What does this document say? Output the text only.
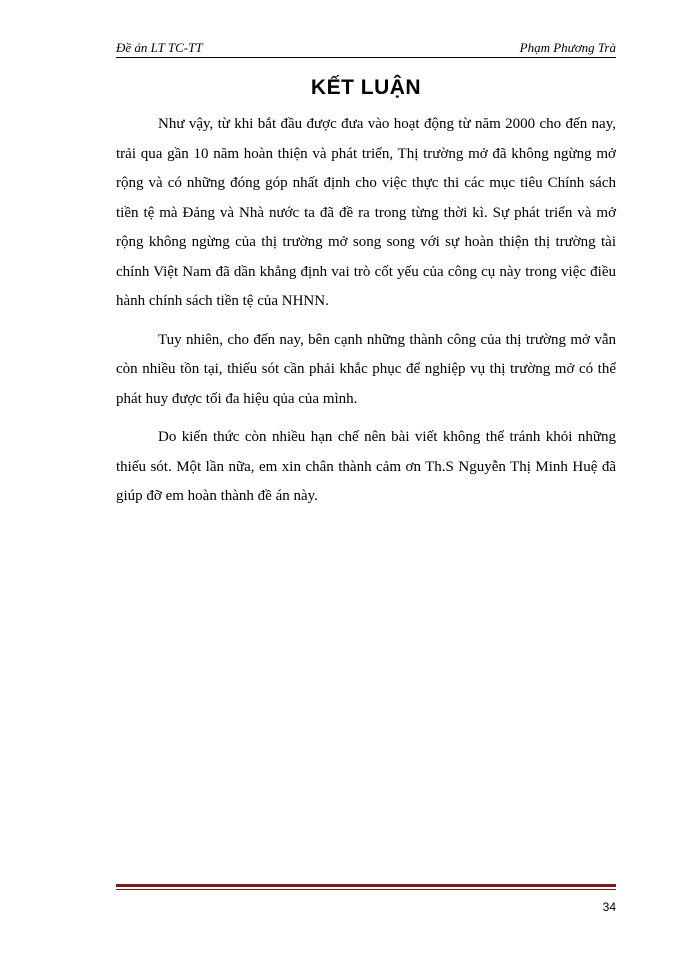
Đề án LT TC-TT	Phạm Phương Trà
KẾT LUẬN

Như vậy, từ khi bắt đầu được đưa vào hoạt động từ năm 2000 cho đến nay, trải qua gần 10 năm hoàn thiện và phát triển, Thị trường mở đã không ngừng mở rộng và có những đóng góp nhất định cho việc thực thi các mục tiêu Chính sách tiền tệ mà Đảng và Nhà nước ta đã đề ra trong từng thời kì. Sự phát triển và mở rộng không ngừng của thị trường mở song song với sự hoàn thiện thị trường tài chính Việt Nam đã dần khẳng định vai trò cốt yếu của công cụ này trong việc điều hành chính sách tiền tệ của NHNN.

Tuy nhiên, cho đến nay, bên cạnh những thành công của thị trường mở vẫn còn nhiều tồn tại, thiếu sót cần phải khắc phục để nghiệp vụ thị trường mở có thể phát huy được tối đa hiệu qủa của mình.

Do kiến thức còn nhiều hạn chế nên bài viết không thể tránh khỏi những thiếu sót. Một lần nữa, em xin chân thành cảm ơn Th.S Nguyễn Thị Minh Huệ đã giúp đỡ em hoàn thành đề án này.

34
